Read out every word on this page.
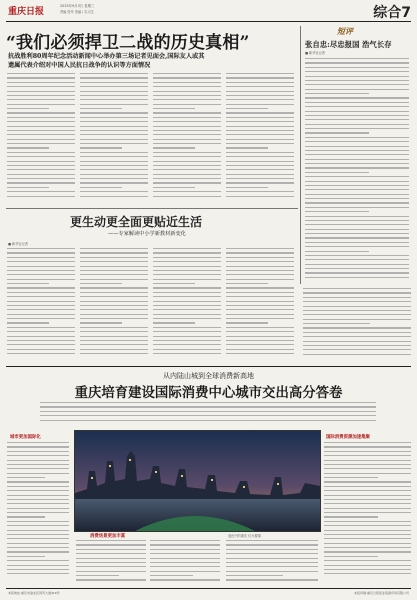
重庆日报
2025年9月3日 星期三
责编 张华 美编 / 实习生	综合7
“我们必须捍卫二战的历史真相”
抗战胜利80周年纪念活动新闻中心举办第三场记者见面会,国际友人或其
遗属代表介绍对中国人民抗日战争的认识等方面情况
短评
张自忠:尽忠报国 浩气长存
■ 新华社记者
更生动更全面更贴近生活
——专家解读中小学新教材新变化
■ 新华社记者
从内陆山城到全球消费新高地
重庆培育建设国际消费中心城市交出高分答卷
城市更加国际化
消费场景更加丰富	夜色中的重庆 灯火璀璨
国际消费资源加速集聚
本报地址:重庆市渝北区同茂大道416号	本报印刷:重庆日报报业集团印务有限公司
